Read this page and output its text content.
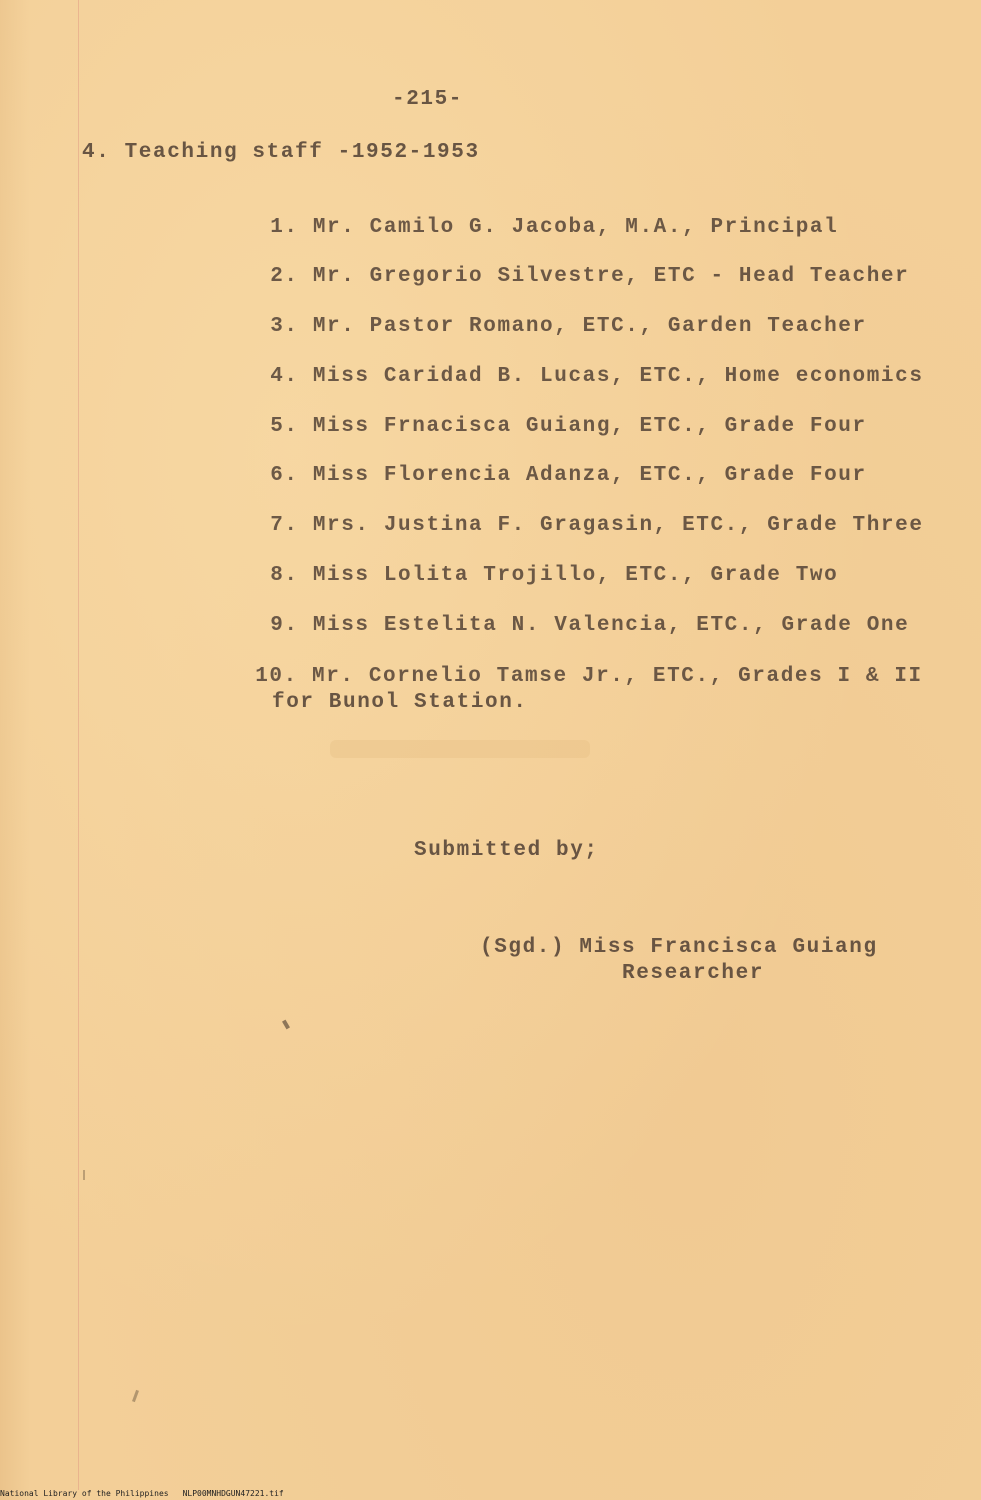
-215-
4. Teaching staff -1952-1953

1. Mr. Camilo G. Jacoba, M.A., Principal

2. Mr. Gregorio Silvestre, ETC - Head Teacher

3. Mr. Pastor Romano, ETC., Garden Teacher

4. Miss Caridad B. Lucas, ETC., Home economics

5. Miss Frnacisca Guiang, ETC., Grade Four

6. Miss Florencia Adanza, ETC., Grade Four

7. Mrs. Justina F. Gragasin, ETC., Grade Three

8. Miss Lolita Trojillo, ETC., Grade Two

9. Miss Estelita N. Valencia, ETC., Grade One

10. Mr. Cornelio Tamse Jr., ETC., Grades I & II

for Bunol Station.
Submitted by;
(Sgd.) Miss Francisca Guiang
Researcher
National Library of the Philippines NLP00MNHDGUN47221.tif
